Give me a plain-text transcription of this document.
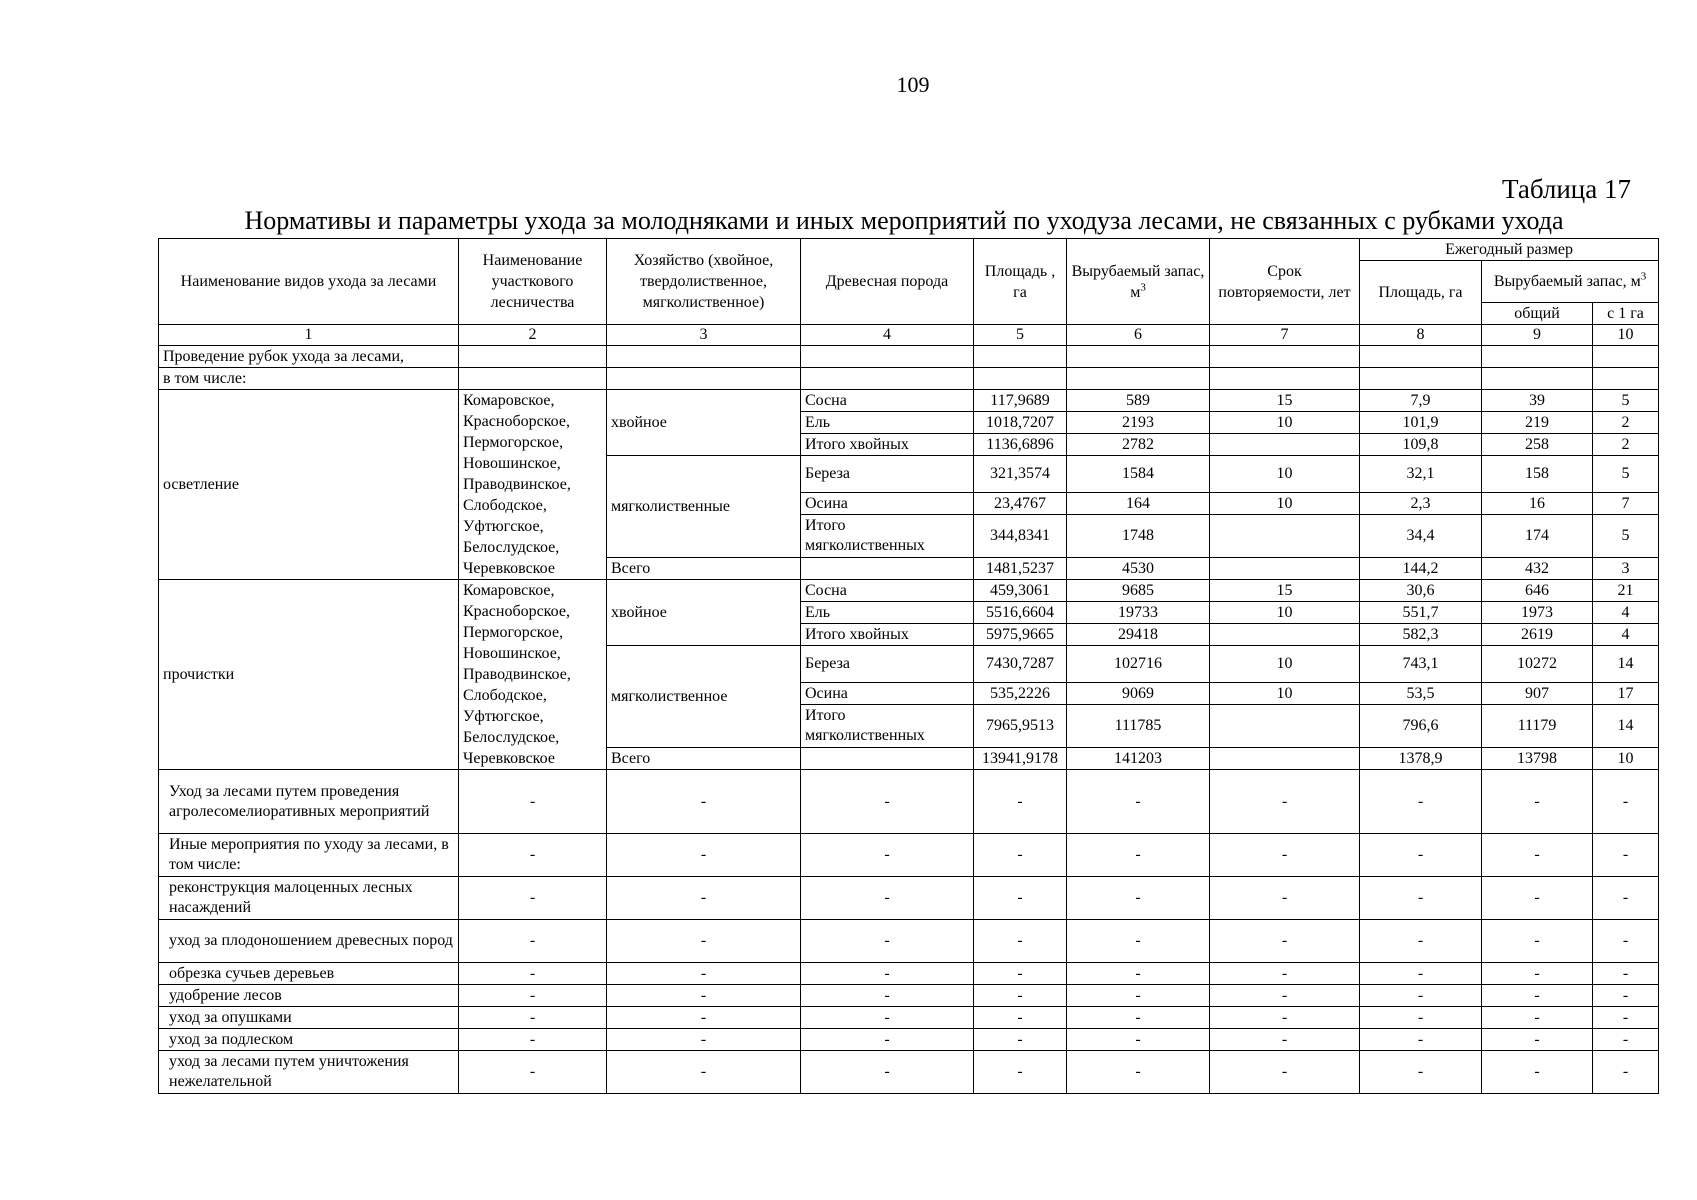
109
Таблица 17
Нормативы и параметры ухода за молодняками и иных мероприятий по уходуза лесами, не связанных с рубками ухода
Наименование видов ухода за лесами	Наименование участкового лесничества	Хозяйство (хвойное, твердолиственное, мягколиственное)	Древесная порода	Площадь , га	Вырубаемый запас, $м^3$	Срок повторяемости, лет	Ежегодный размер		
							Площадь, га	Вырубаемый запас, $м^3$
								общий	с 1 га
1	2	3	4	5	6	7	8	9	10
Проведение рубок ухода за лесами,									
в том числе:									
осветление	Комаровское, Красноборское, Пермогорское, Новошинское, Праводвинское, Слободское, Уфтюгское, Белослудское, Черевковское	хвойное	Сосна	117,9689	589	15	7,9	39	5
			Ель	1018,7207	2193	10	101,9	219	2
			Итого хвойных	1136,6896	2782		109,8	258	2
		мягколиственные	Береза	321,3574	1584	10	32,1	158	5
			Осина	23,4767	164	10	2,3	16	7
			Итого мягколиственных	344,8341	1748		34,4	174	5
		Всего		1481,5237	4530		144,2	432	3
прочистки	Комаровское, Красноборское, Пермогорское, Новошинское, Праводвинское, Слободское, Уфтюгское, Белослудское, Черевковское	хвойное	Сосна	459,3061	9685	15	30,6	646	21
			Ель	5516,6604	19733	10	551,7	1973	4
			Итого хвойных	5975,9665	29418		582,3	2619	4
		мягколиственное	Береза	7430,7287	102716	10	743,1	10272	14
			Осина	535,2226	9069	10	53,5	907	17
			Итого мягколиственных	7965,9513	111785		796,6	11179	14
		Всего		13941,9178	141203		1378,9	13798	10
Уход за лесами путем проведения агролесомелиоративных мероприятий	-	-	-	-	-	-	-	-	-
Иные мероприятия по уходу за лесами, в том числе:	-	-	-	-	-	-	-	-	-
реконструкция малоценных лесных насаждений	-	-	-	-	-	-	-	-	-
уход за плодоношением древесных пород	-	-	-	-	-	-	-	-	-
обрезка сучьев деревьев	-	-	-	-	-	-	-	-	-
удобрение лесов	-	-	-	-	-	-	-	-	-
уход за опушками	-	-	-	-	-	-	-	-	-
уход за подлеском	-	-	-	-	-	-	-	-	-
уход за лесами путем уничтожения нежелательной	-	-	-	-	-	-	-	-	-
